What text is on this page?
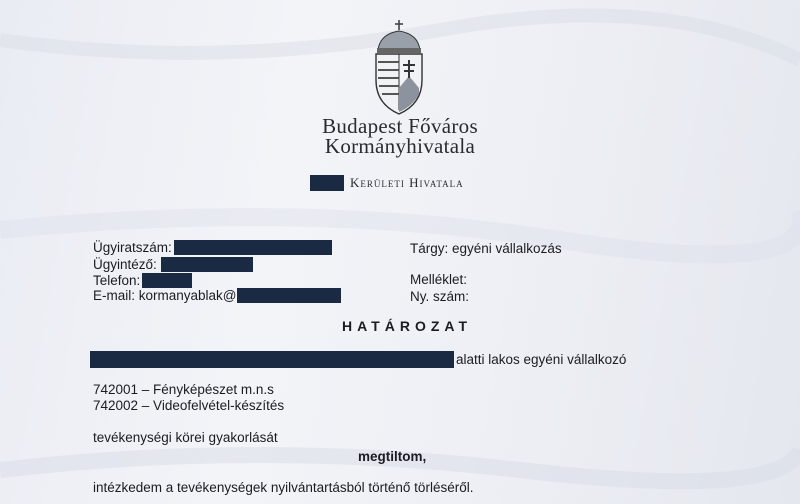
Budapest Főváros
Kormányhivatala
Kerületi Hivatala
Ügyiratszám:
Ügyintéző:
Telefon:
E-mail: kormanyablak@
Tárgy: egyéni vállalkozás
Melléklet:
Ny. szám:
HATÁROZAT
alatti lakos egyéni vállalkozó
742001 – Fényképészet m.n.s
742002 – Videofelvétel-készítés
tevékenységi körei gyakorlását
megtiltom,
intézkedem a tevékenységek nyilvántartásból történő törléséről.
